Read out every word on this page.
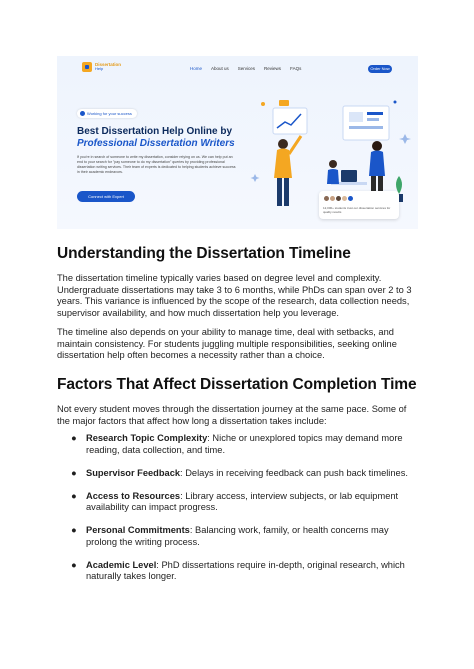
Dissertation
Help	Home About us Services Reviews FAQs	Order Now
Working for your success
Best Dissertation Help Online by
Professional Dissertation Writers
If you're in search of someone to write my dissertation, consider relying on us. We can help put an end to your search for "pay someone to do my dissertation" queries by providing professional dissertation writing services. Their team of experts is dedicated to helping students achieve success in their academic endeavors.
Connect with Expert
12,000+ students trust our dissertation services for quality results
Understanding the Dissertation Timeline

The dissertation timeline typically varies based on degree level and complexity. Undergraduate dissertations may take 3 to 6 months, while PhDs can span over 2 to 3 years. This variance is influenced by the scope of the research, data collection needs, supervisor availability, and how much dissertation help you leverage.

The timeline also depends on your ability to manage time, deal with setbacks, and maintain consistency. For students juggling multiple responsibilities, seeking online dissertation help often becomes a necessity rather than a choice.

Factors That Affect Dissertation Completion Time

Not every student moves through the dissertation journey at the same pace. Some of the major factors that affect how long a dissertation takes include:

● Research Topic Complexity: Niche or unexplored topics may demand more reading, data collection, and time.
● Supervisor Feedback: Delays in receiving feedback can push back timelines.
● Access to Resources: Library access, interview subjects, or lab equipment availability can impact progress.
● Personal Commitments: Balancing work, family, or health concerns may prolong the writing process.
● Academic Level: PhD dissertations require in-depth, original research, which naturally takes longer.
